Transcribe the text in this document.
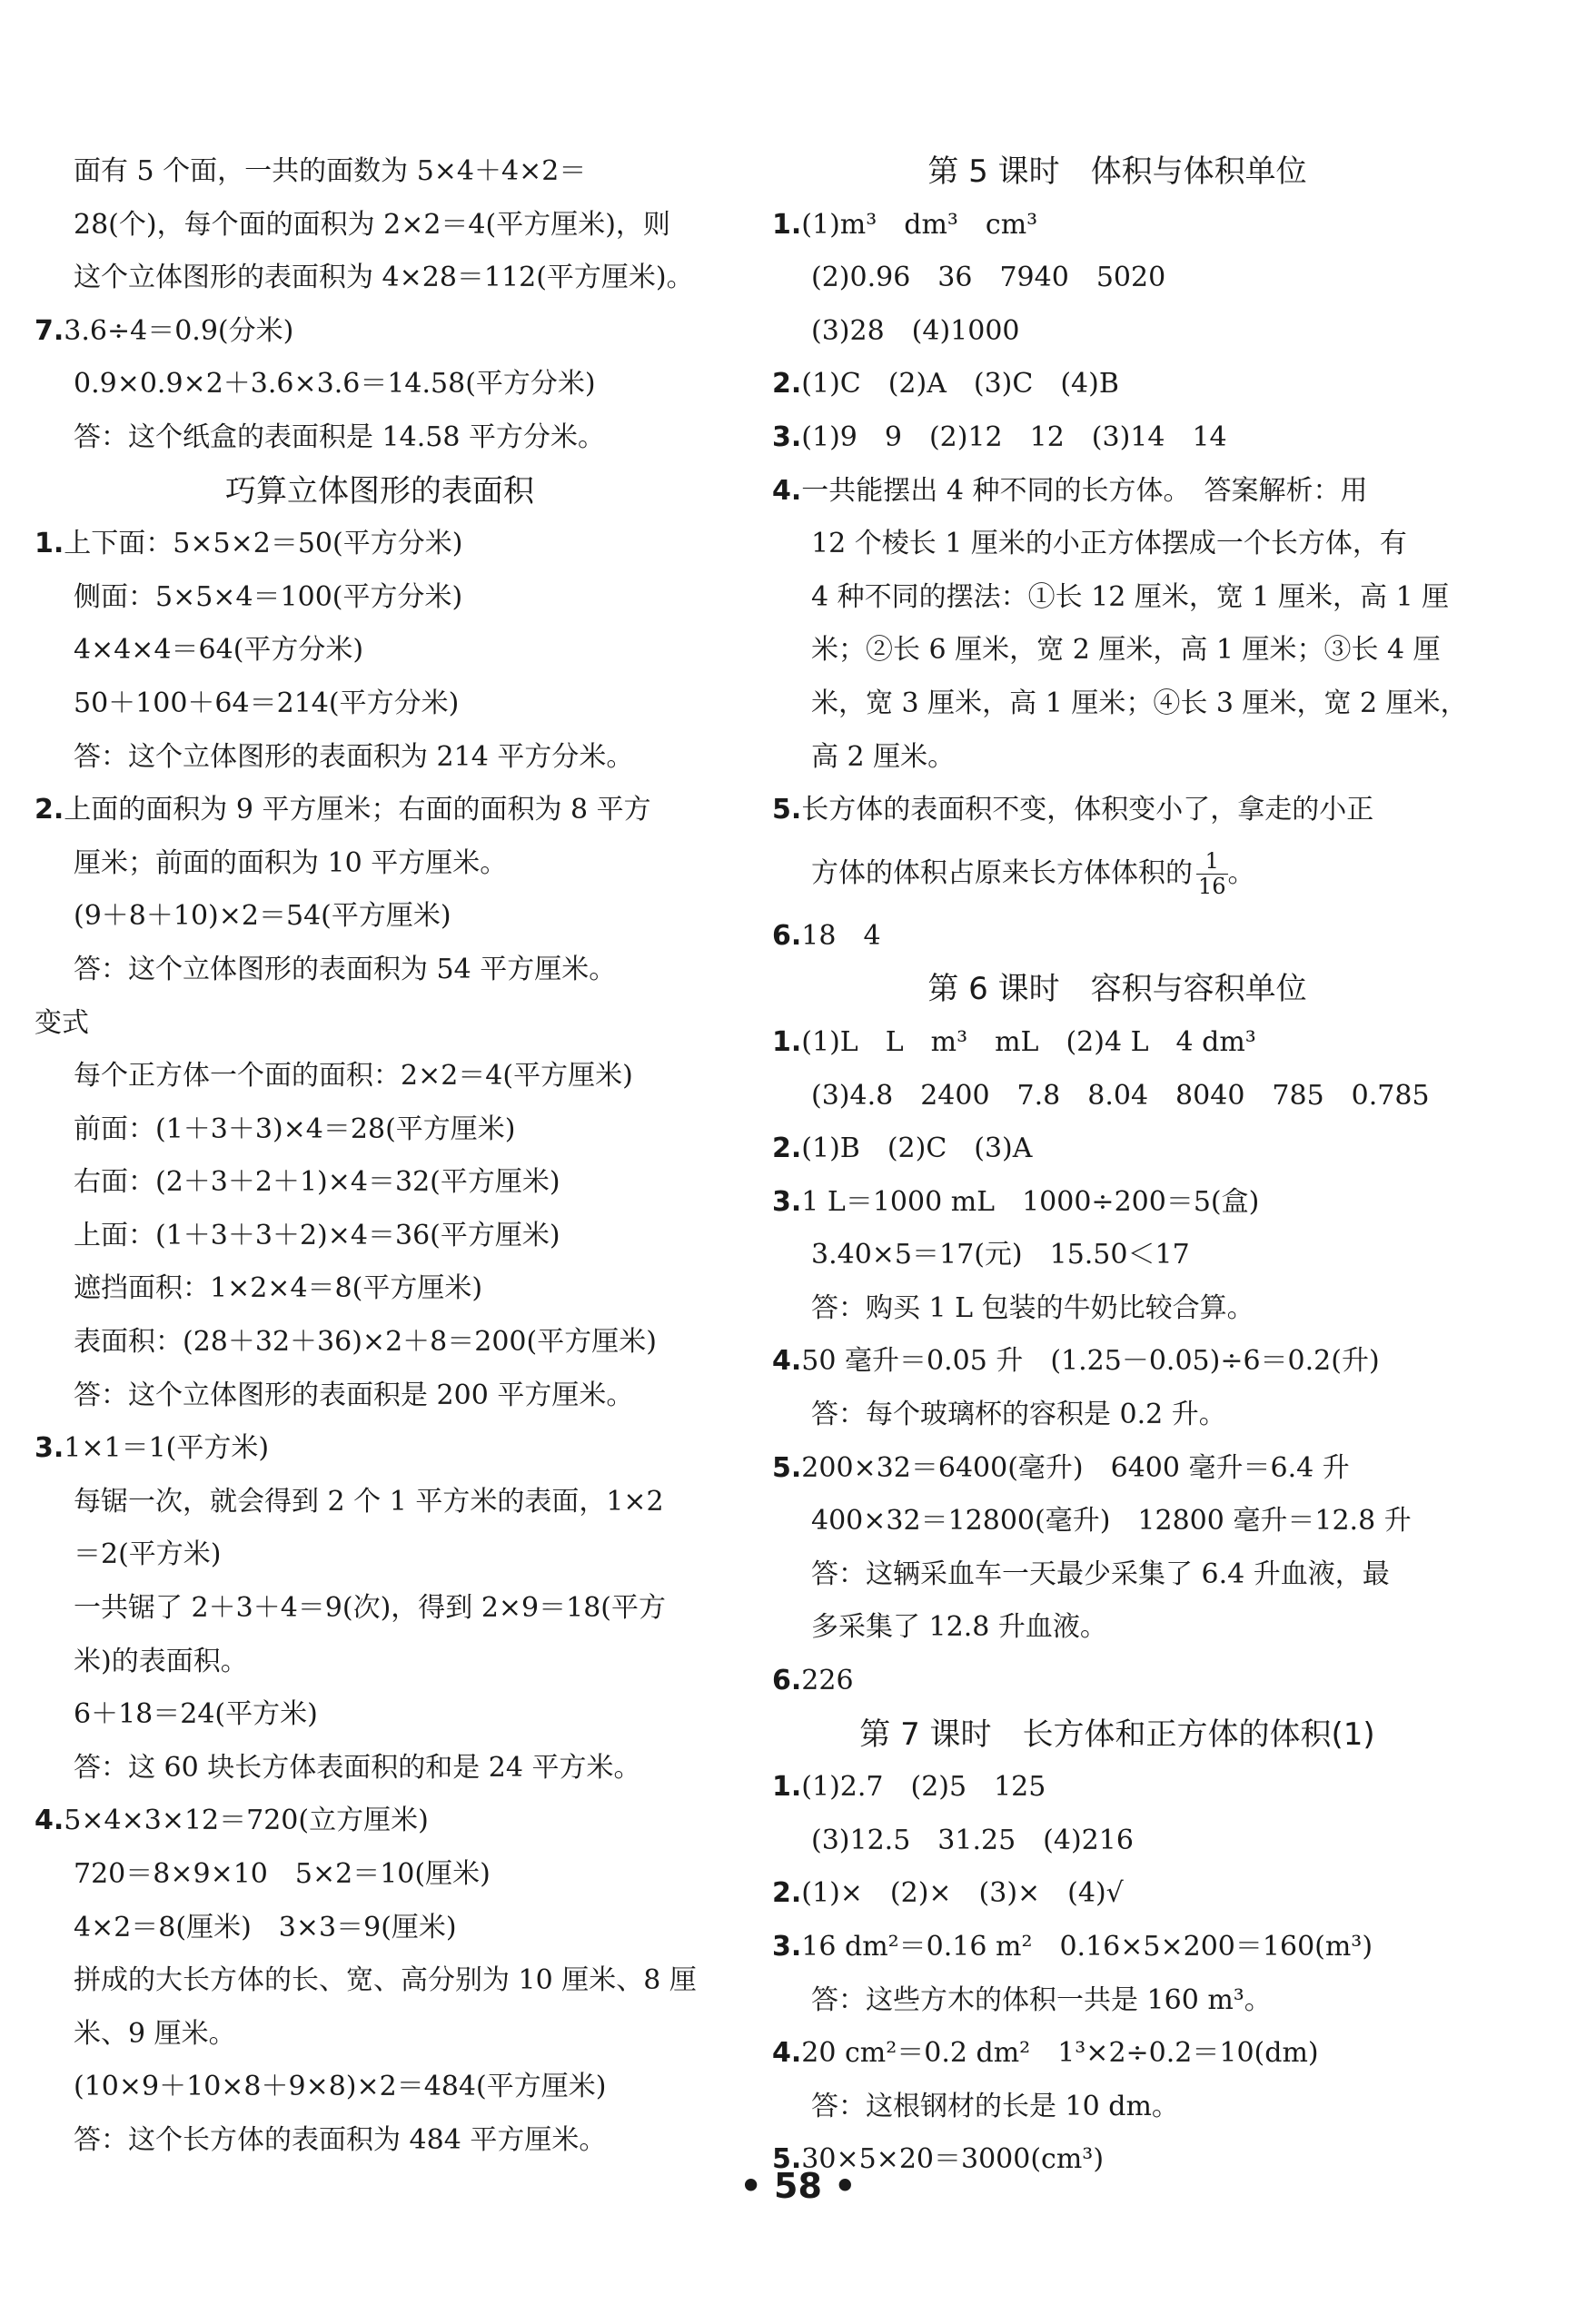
面有 5 个面，一共的面数为 5×4＋4×2＝
28(个)，每个面的面积为 2×2＝4(平方厘米)，则
这个立体图形的表面积为 4×28＝112(平方厘米)。
7.3.6÷4＝0.9(分米)
0.9×0.9×2＋3.6×3.6＝14.58(平方分米)
答：这个纸盒的表面积是 14.58 平方分米。
巧算立体图形的表面积
1.上下面：5×5×2＝50(平方分米)
侧面：5×5×4＝100(平方分米)
4×4×4＝64(平方分米)
50＋100＋64＝214(平方分米)
答：这个立体图形的表面积为 214 平方分米。
2.上面的面积为 9 平方厘米；右面的面积为 8 平方
厘米；前面的面积为 10 平方厘米。
(9＋8＋10)×2＝54(平方厘米)
答：这个立体图形的表面积为 54 平方厘米。
变式
每个正方体一个面的面积：2×2＝4(平方厘米)
前面：(1＋3＋3)×4＝28(平方厘米)
右面：(2＋3＋2＋1)×4＝32(平方厘米)
上面：(1＋3＋3＋2)×4＝36(平方厘米)
遮挡面积：1×2×4＝8(平方厘米)
表面积：(28＋32＋36)×2＋8＝200(平方厘米)
答：这个立体图形的表面积是 200 平方厘米。
3.1×1＝1(平方米)
每锯一次，就会得到 2 个 1 平方米的表面，1×2
＝2(平方米)
一共锯了 2＋3＋4＝9(次)，得到 2×9＝18(平方
米)的表面积。
6＋18＝24(平方米)
答：这 60 块长方体表面积的和是 24 平方米。
4.5×4×3×12＝720(立方厘米)
720＝8×9×10　5×2＝10(厘米)
4×2＝8(厘米)　3×3＝9(厘米)
拼成的大长方体的长、宽、高分别为 10 厘米、8 厘
米、9 厘米。
(10×9＋10×8＋9×8)×2＝484(平方厘米)
答：这个长方体的表面积为 484 平方厘米。
第 5 课时　体积与体积单位
1.(1)m³　dm³　cm³
(2)0.96　36　7940　5020
(3)28　(4)1000
2.(1)C　(2)A　(3)C　(4)B
3.(1)9　9　(2)12　12　(3)14　14
4.一共能摆出 4 种不同的长方体。　答案解析：用
12 个棱长 1 厘米的小正方体摆成一个长方体，有
4 种不同的摆法：①长 12 厘米，宽 1 厘米，高 1 厘
米；②长 6 厘米，宽 2 厘米，高 1 厘米；③长 4 厘
米，宽 3 厘米，高 1 厘米；④长 3 厘米，宽 2 厘米，
高 2 厘米。
5.长方体的表面积不变，体积变小了，拿走的小正
方体的体积占原来长方体体积的 $\frac{1}{16}$ 。
6.18　4
第 6 课时　容积与容积单位
1.(1)L　L　m³　mL　(2)4 L　4 dm³
(3)4.8　2400　7.8　8.04　8040　785　0.785
2.(1)B　(2)C　(3)A
3.1 L＝1000 mL　1000÷200＝5(盒)
3.40×5＝17(元)　15.50＜17
答：购买 1 L 包装的牛奶比较合算。
4.50 毫升＝0.05 升　(1.25－0.05)÷6＝0.2(升)
答：每个玻璃杯的容积是 0.2 升。
5.200×32＝6400(毫升)　6400 毫升＝6.4 升
400×32＝12800(毫升)　12800 毫升＝12.8 升
答：这辆采血车一天最少采集了 6.4 升血液，最
多采集了 12.8 升血液。
6.226
第 7 课时　长方体和正方体的体积(1)
1.(1)2.7　(2)5　125
(3)12.5　31.25　(4)216
2.(1)×　(2)×　(3)×　(4)√
3.16 dm²＝0.16 m²　0.16×5×200＝160(m³)
答：这些方木的体积一共是 160 m³。
4.20 cm²＝0.2 dm²　1³×2÷0.2＝10(dm)
答：这根钢材的长是 10 dm。
5.30×5×20＝3000(cm³)
• 58 •
